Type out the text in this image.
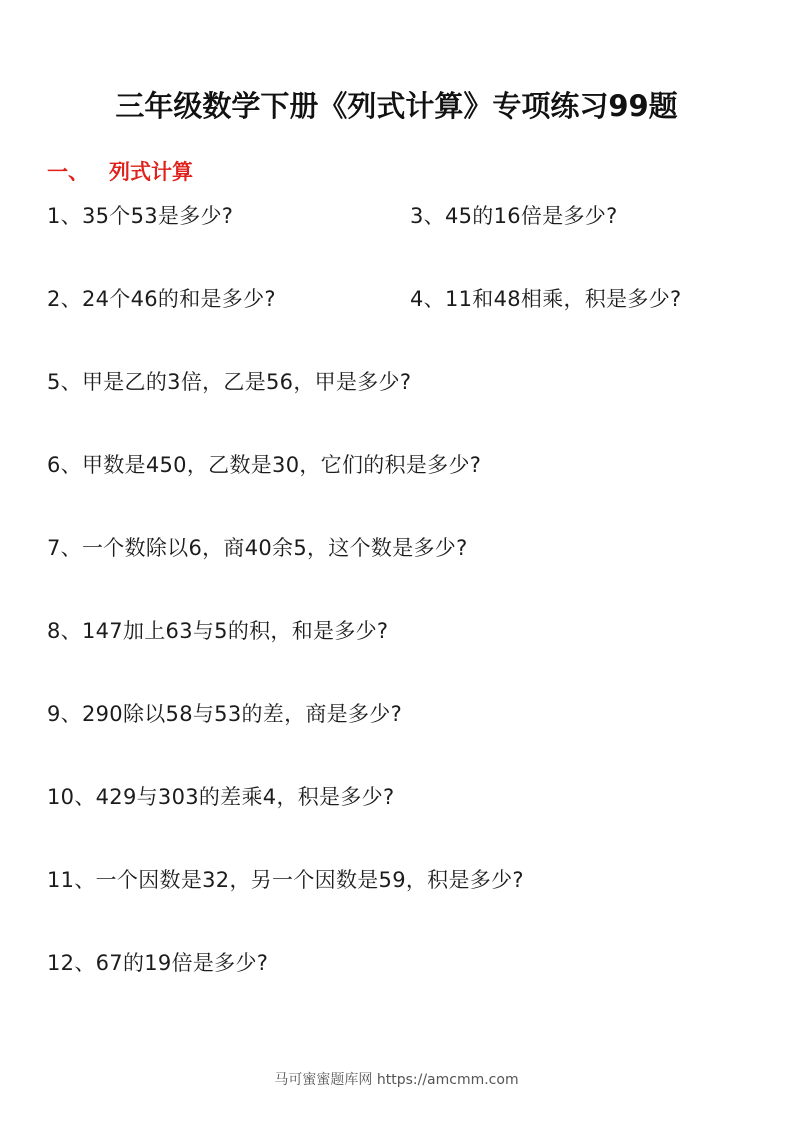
三年级数学下册《列式计算》专项练习99题
一、 列式计算
1、35个53是多少?	3、45的16倍是多少?
2、24个46的和是多少?	4、11和48相乘，积是多少?
5、甲是乙的3倍，乙是56，甲是多少?
6、甲数是450，乙数是30，它们的积是多少?
7、一个数除以6，商40余5，这个数是多少?
8、147加上63与5的积，和是多少?
9、290除以58与53的差，商是多少?
10、429与303的差乘4，积是多少?
11、一个因数是32，另一个因数是59，积是多少?
12、67的19倍是多少?
马可蜜蜜题库网 https://amcmm.com
